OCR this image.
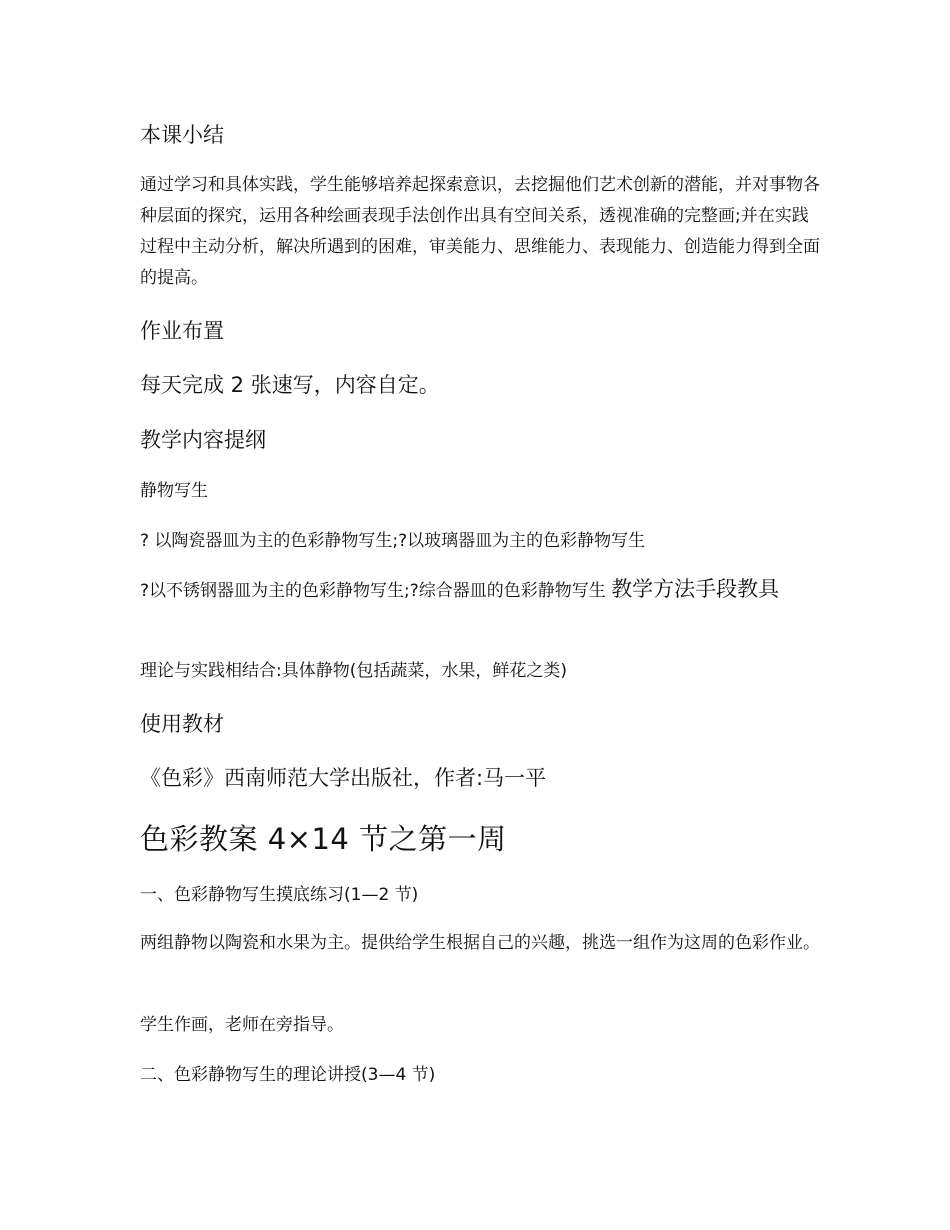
本课小结
通过学习和具体实践，学生能够培养起探索意识，去挖掘他们艺术创新的潜能，并对事物各种层面的探究，运用各种绘画表现手法创作出具有空间关系，透视准确的完整画;并在实践过程中主动分析，解决所遇到的困难，审美能力、思维能力、表现能力、创造能力得到全面的提高。
作业布置
每天完成 2 张速写，内容自定。
教学内容提纲
静物写生
? 以陶瓷器皿为主的色彩静物写生;?以玻璃器皿为主的色彩静物写生
?以不锈钢器皿为主的色彩静物写生;?综合器皿的色彩静物写生 教学方法手段教具
理论与实践相结合:具体静物(包括蔬菜，水果，鲜花之类)
使用教材
《色彩》西南师范大学出版社，作者:马一平
色彩教案 4×14 节之第一周
一、色彩静物写生摸底练习(1—2 节)
两组静物以陶瓷和水果为主。提供给学生根据自己的兴趣，挑选一组作为这周的色彩作业。
学生作画，老师在旁指导。
二、色彩静物写生的理论讲授(3—4 节)
